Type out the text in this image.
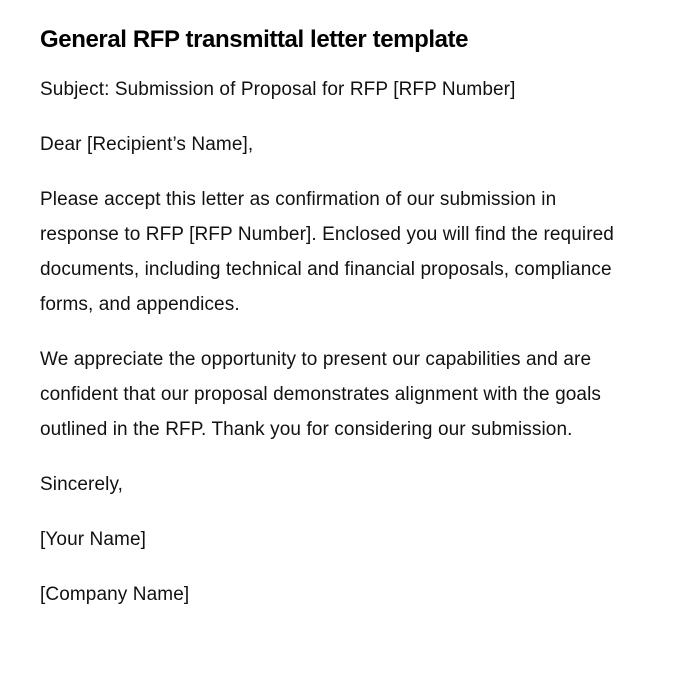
General RFP transmittal letter template

Subject: Submission of Proposal for RFP [RFP Number]

Dear [Recipient’s Name],

Please accept this letter as confirmation of our submission in response to RFP [RFP Number]. Enclosed you will find the required documents, including technical and financial proposals, compliance forms, and appendices.

We appreciate the opportunity to present our capabilities and are confident that our proposal demonstrates alignment with the goals outlined in the RFP. Thank you for considering our submission.

Sincerely,

[Your Name]

[Company Name]
